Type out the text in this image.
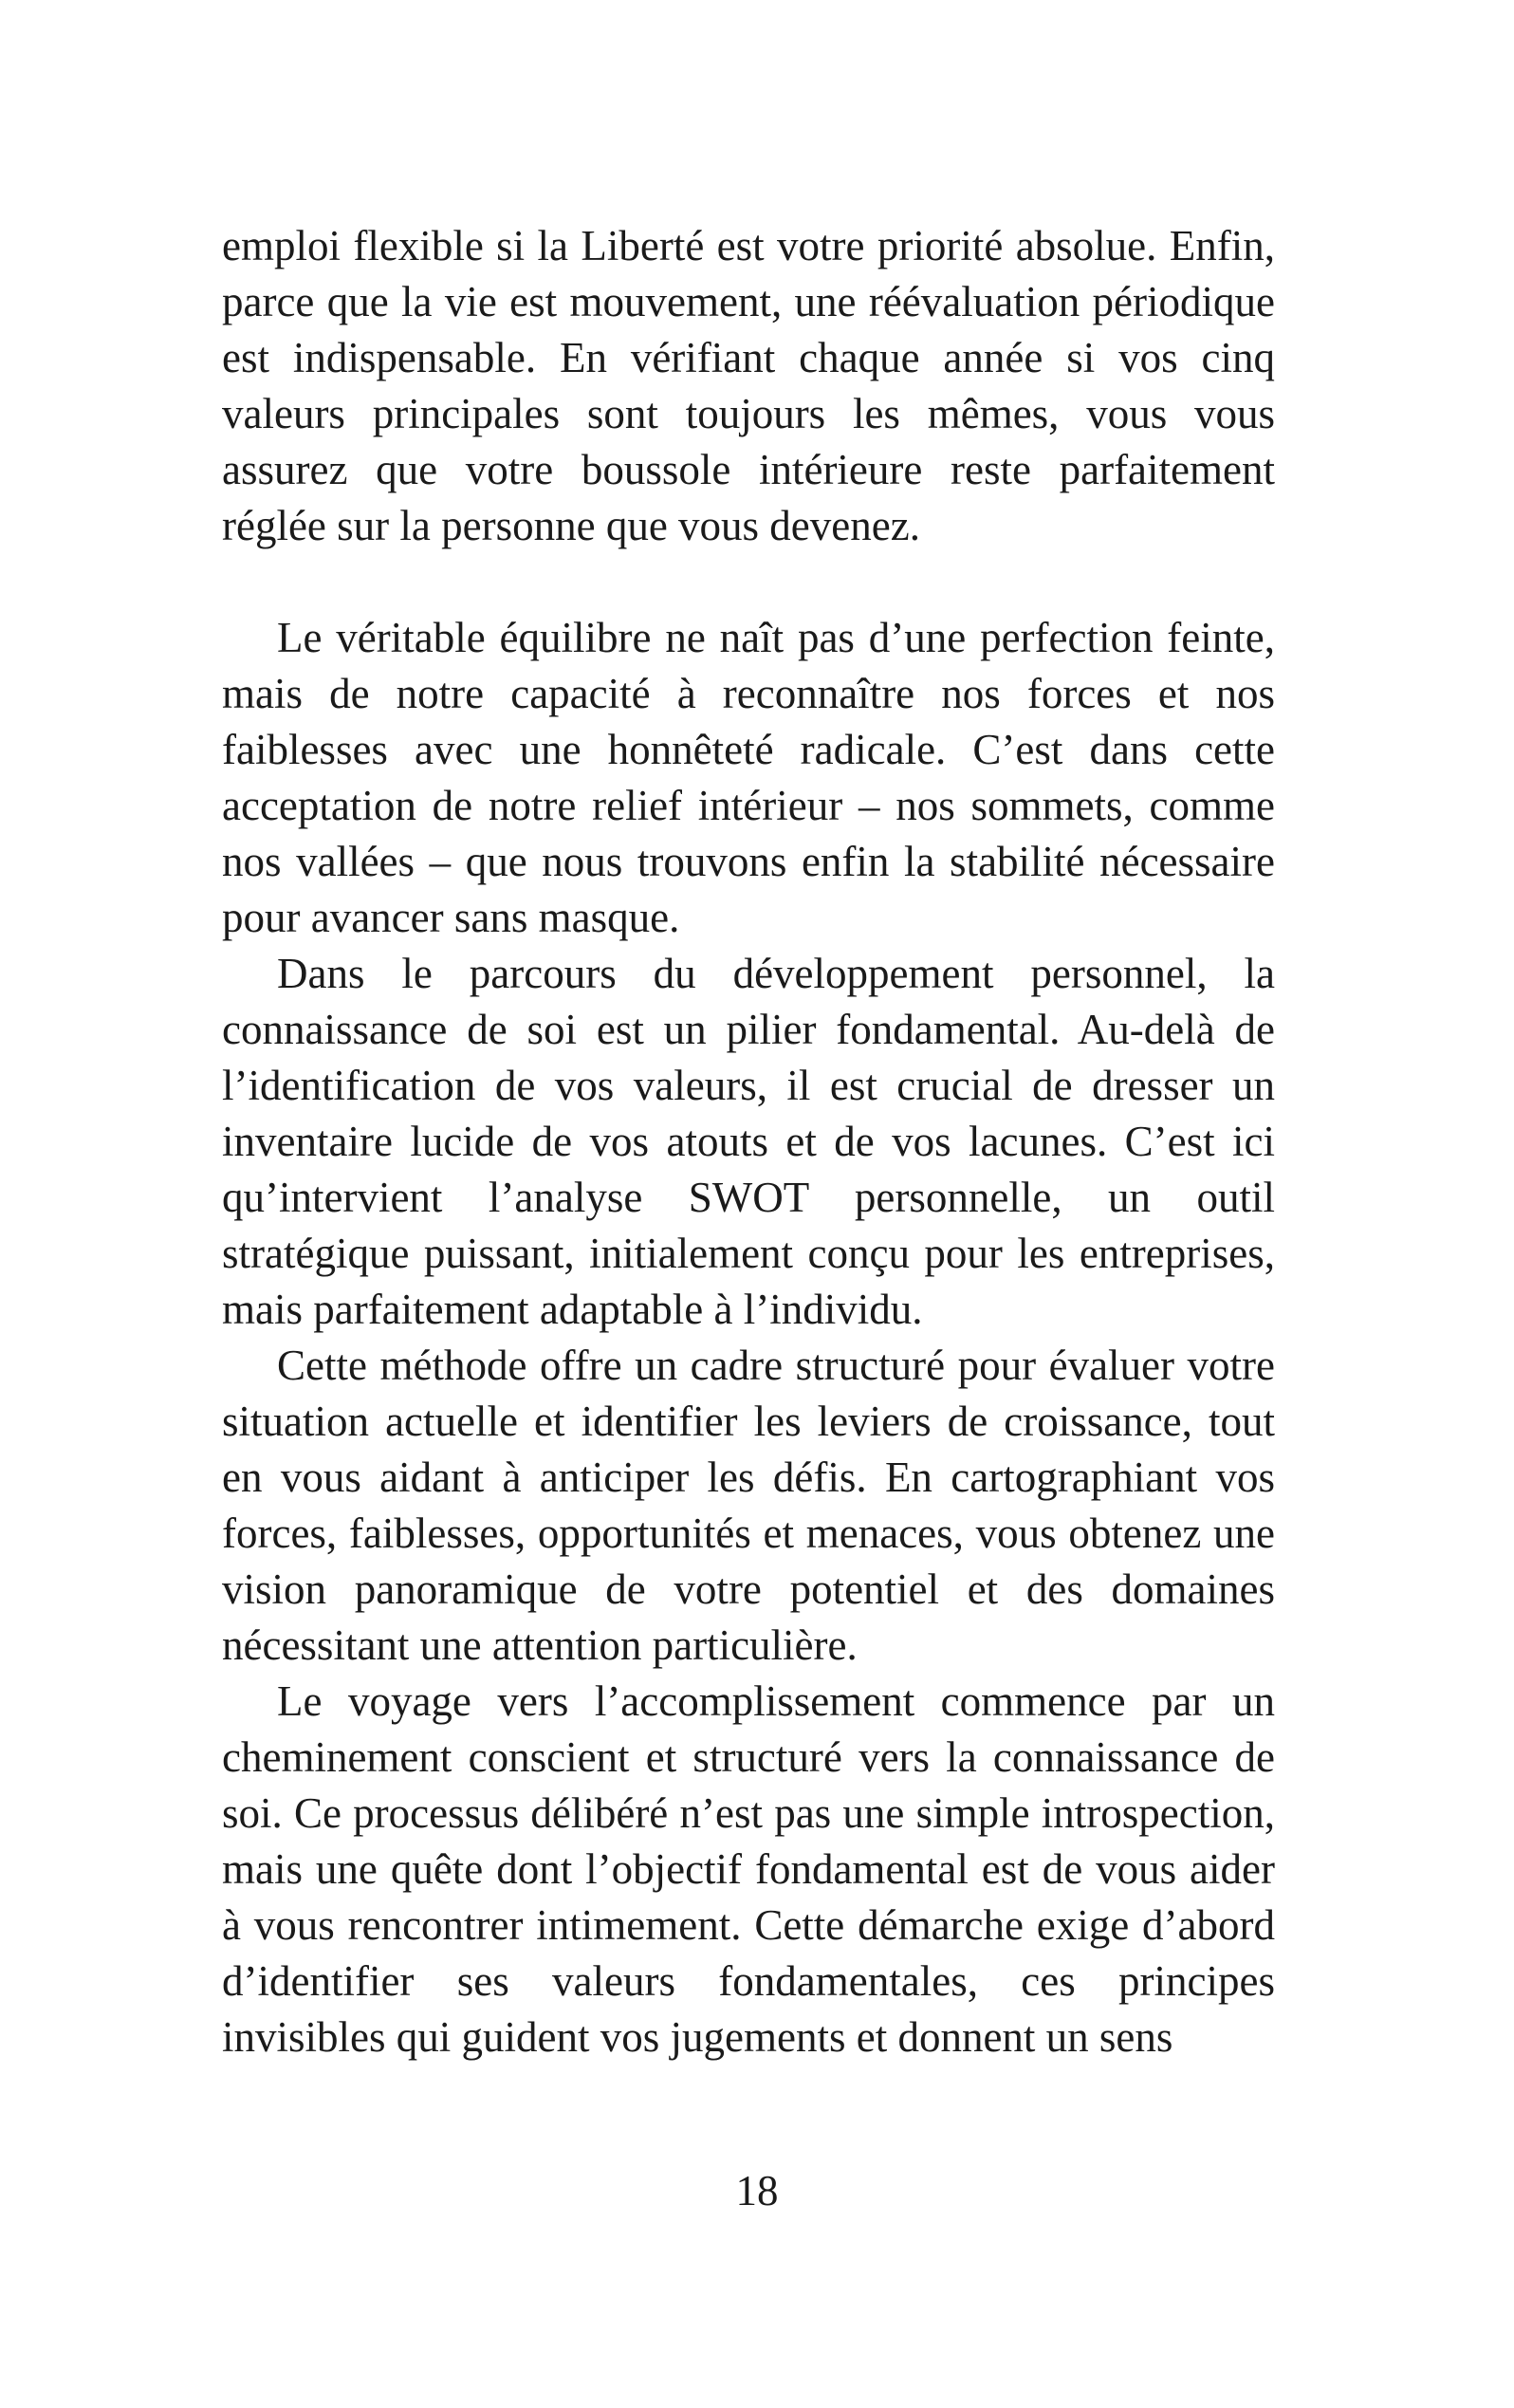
emploi flexible si la Liberté est votre priorité absolue. Enfin, parce que la vie est mouvement, une réévaluation périodique est indispensable. En vérifiant chaque année si vos cinq valeurs principales sont toujours les mêmes, vous vous assurez que votre boussole intérieure reste parfaitement réglée sur la personne que vous devenez.

Le véritable équilibre ne naît pas d’une perfection feinte, mais de notre capacité à reconnaître nos forces et nos faiblesses avec une honnêteté radicale. C’est dans cette acceptation de notre relief intérieur – nos sommets, comme nos vallées – que nous trouvons enfin la stabilité nécessaire pour avancer sans masque.

Dans le parcours du développement personnel, la connaissance de soi est un pilier fondamental. Au-delà de l’identification de vos valeurs, il est crucial de dresser un inventaire lucide de vos atouts et de vos lacunes. C’est ici qu’intervient l’analyse SWOT personnelle, un outil stratégique puissant, initialement conçu pour les entreprises, mais parfaitement adaptable à l’individu.

Cette méthode offre un cadre structuré pour évaluer votre situation actuelle et identifier les leviers de croissance, tout en vous aidant à anticiper les défis. En cartographiant vos forces, faiblesses, opportunités et menaces, vous obtenez une vision panoramique de votre potentiel et des domaines nécessitant une attention particulière.

Le voyage vers l’accomplissement commence par un cheminement conscient et structuré vers la connaissance de soi. Ce processus délibéré n’est pas une simple introspection, mais une quête dont l’objectif fondamental est de vous aider à vous rencontrer intimement. Cette démarche exige d’abord d’identifier ses valeurs fondamentales, ces principes invisibles qui guident vos jugements et donnent un sens

18
